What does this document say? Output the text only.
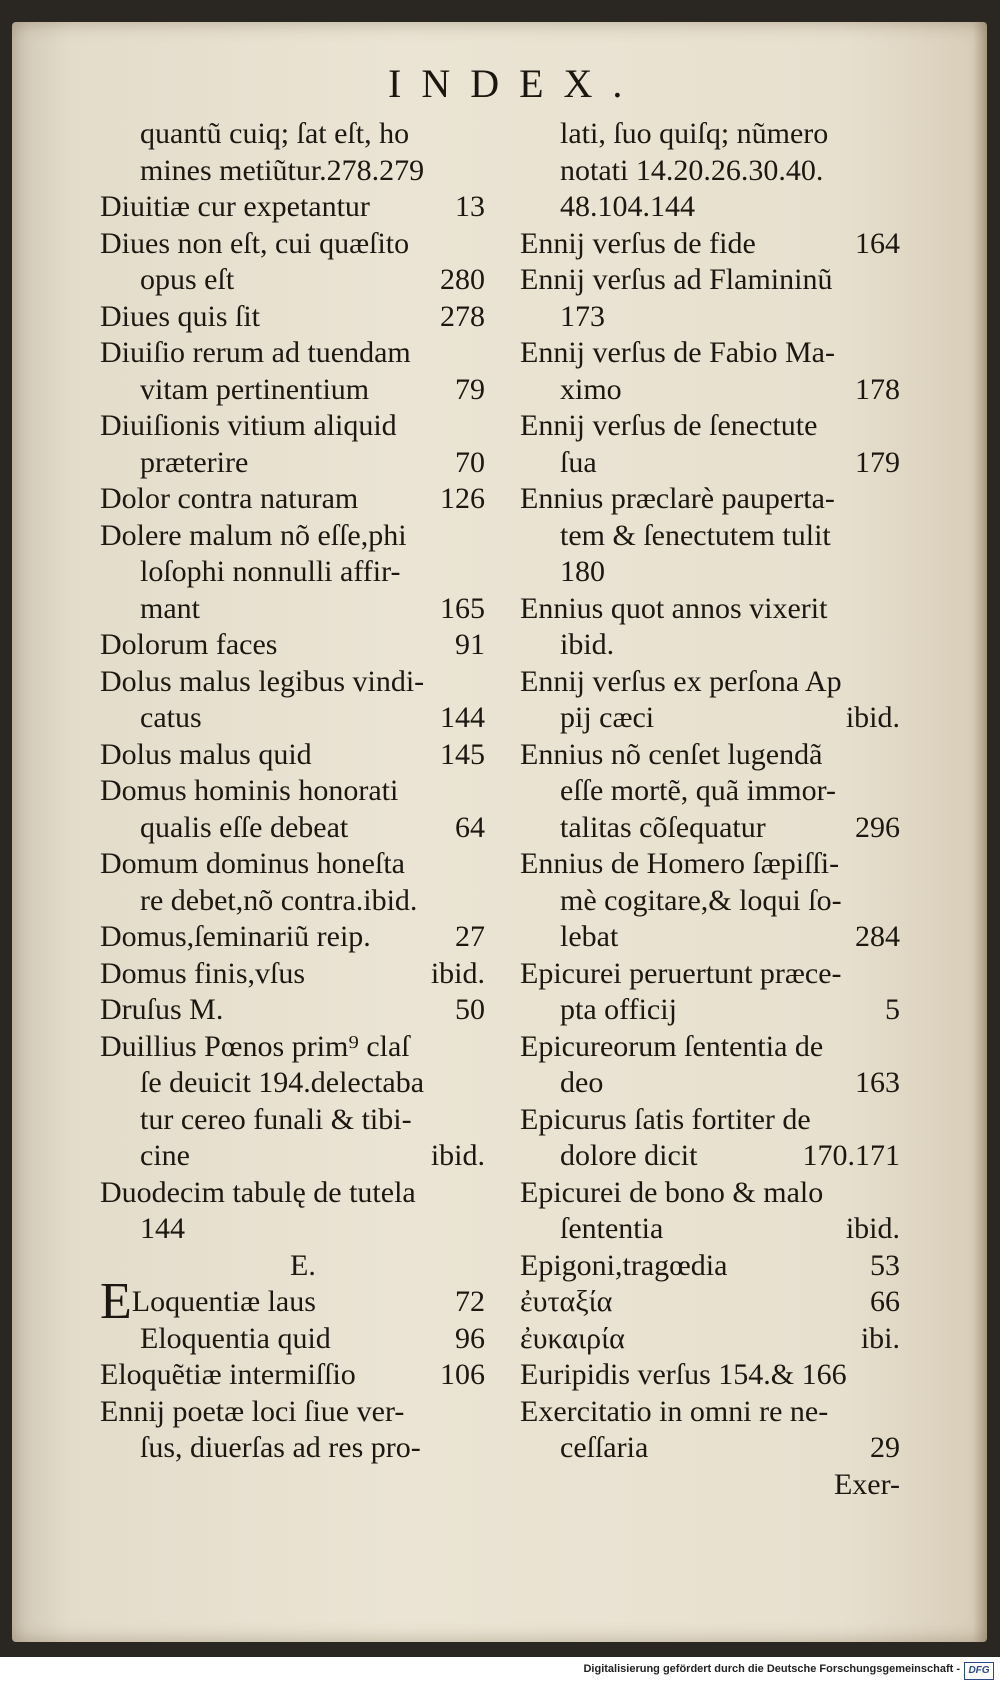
INDEX.
quantũ cuiq; ſat eſt, ho
mines metiũtur.278.279
Diuitiæ cur expetantur	13
Diues non eſt, cui quæſito
opus eſt	280
Diues quis ſit	278
Diuiſio rerum ad tuendam
vitam pertinentium	79
Diuiſionis vitium aliquid
præterire	70
Dolor contra naturam	126
Dolere malum nõ eſſe,phi
loſophi nonnulli affir-
mant	165
Dolorum faces	91
Dolus malus legibus vindi-
catus	144
Dolus malus quid	145
Domus hominis honorati
qualis eſſe debeat	64
Domum dominus honeſta
re debet,nõ contra.ibid.
Domus,ſeminariũ reip.	27
Domus finis,vſus	ibid.
Druſus M.	50
Duillius Pœnos prim⁹ claſ
ſe deuicit 194.delectaba
tur cereo funali & tibi-
cine	ibid.
Duodecim tabulę de tutela
144
E.
ELoquentiæ laus	72
Eloquentia quid	96
Eloquẽtiæ intermiſſio	106
Ennij poetæ loci ſiue ver-
ſus, diuerſas ad res pro-
lati, ſuo quiſq; nũmero
notati 14.20.26.30.40.
48.104.144
Ennij verſus de fide	164
Ennij verſus ad Flamininũ
173
Ennij verſus de Fabio Ma-
ximo	178
Ennij verſus de ſenectute
ſua	179
Ennius præclarè pauperta-
tem & ſenectutem tulit
180
Ennius quot annos vixerit
ibid.
Ennij verſus ex perſona Ap
pij cæci	ibid.
Ennius nõ cenſet lugendã
eſſe mortẽ, quã immor-
talitas cõſequatur	296
Ennius de Homero ſæpiſſi-
mè cogitare,& loqui ſo-
lebat	284
Epicurei peruertunt præce-
pta officij	5
Epicureorum ſententia de
deo	163
Epicurus ſatis fortiter de
dolore dicit	170.171
Epicurei de bono & malo
ſententia	ibid.
Epigoni,tragœdia	53
ἐυταξία	66
ἐυκαιρία	ibi.
Euripidis verſus 154.& 166
Exercitatio in omni re ne-
ceſſaria	29
Exer-
Digitalisierung gefördert durch die Deutsche Forschungsgemeinschaft - DFG
